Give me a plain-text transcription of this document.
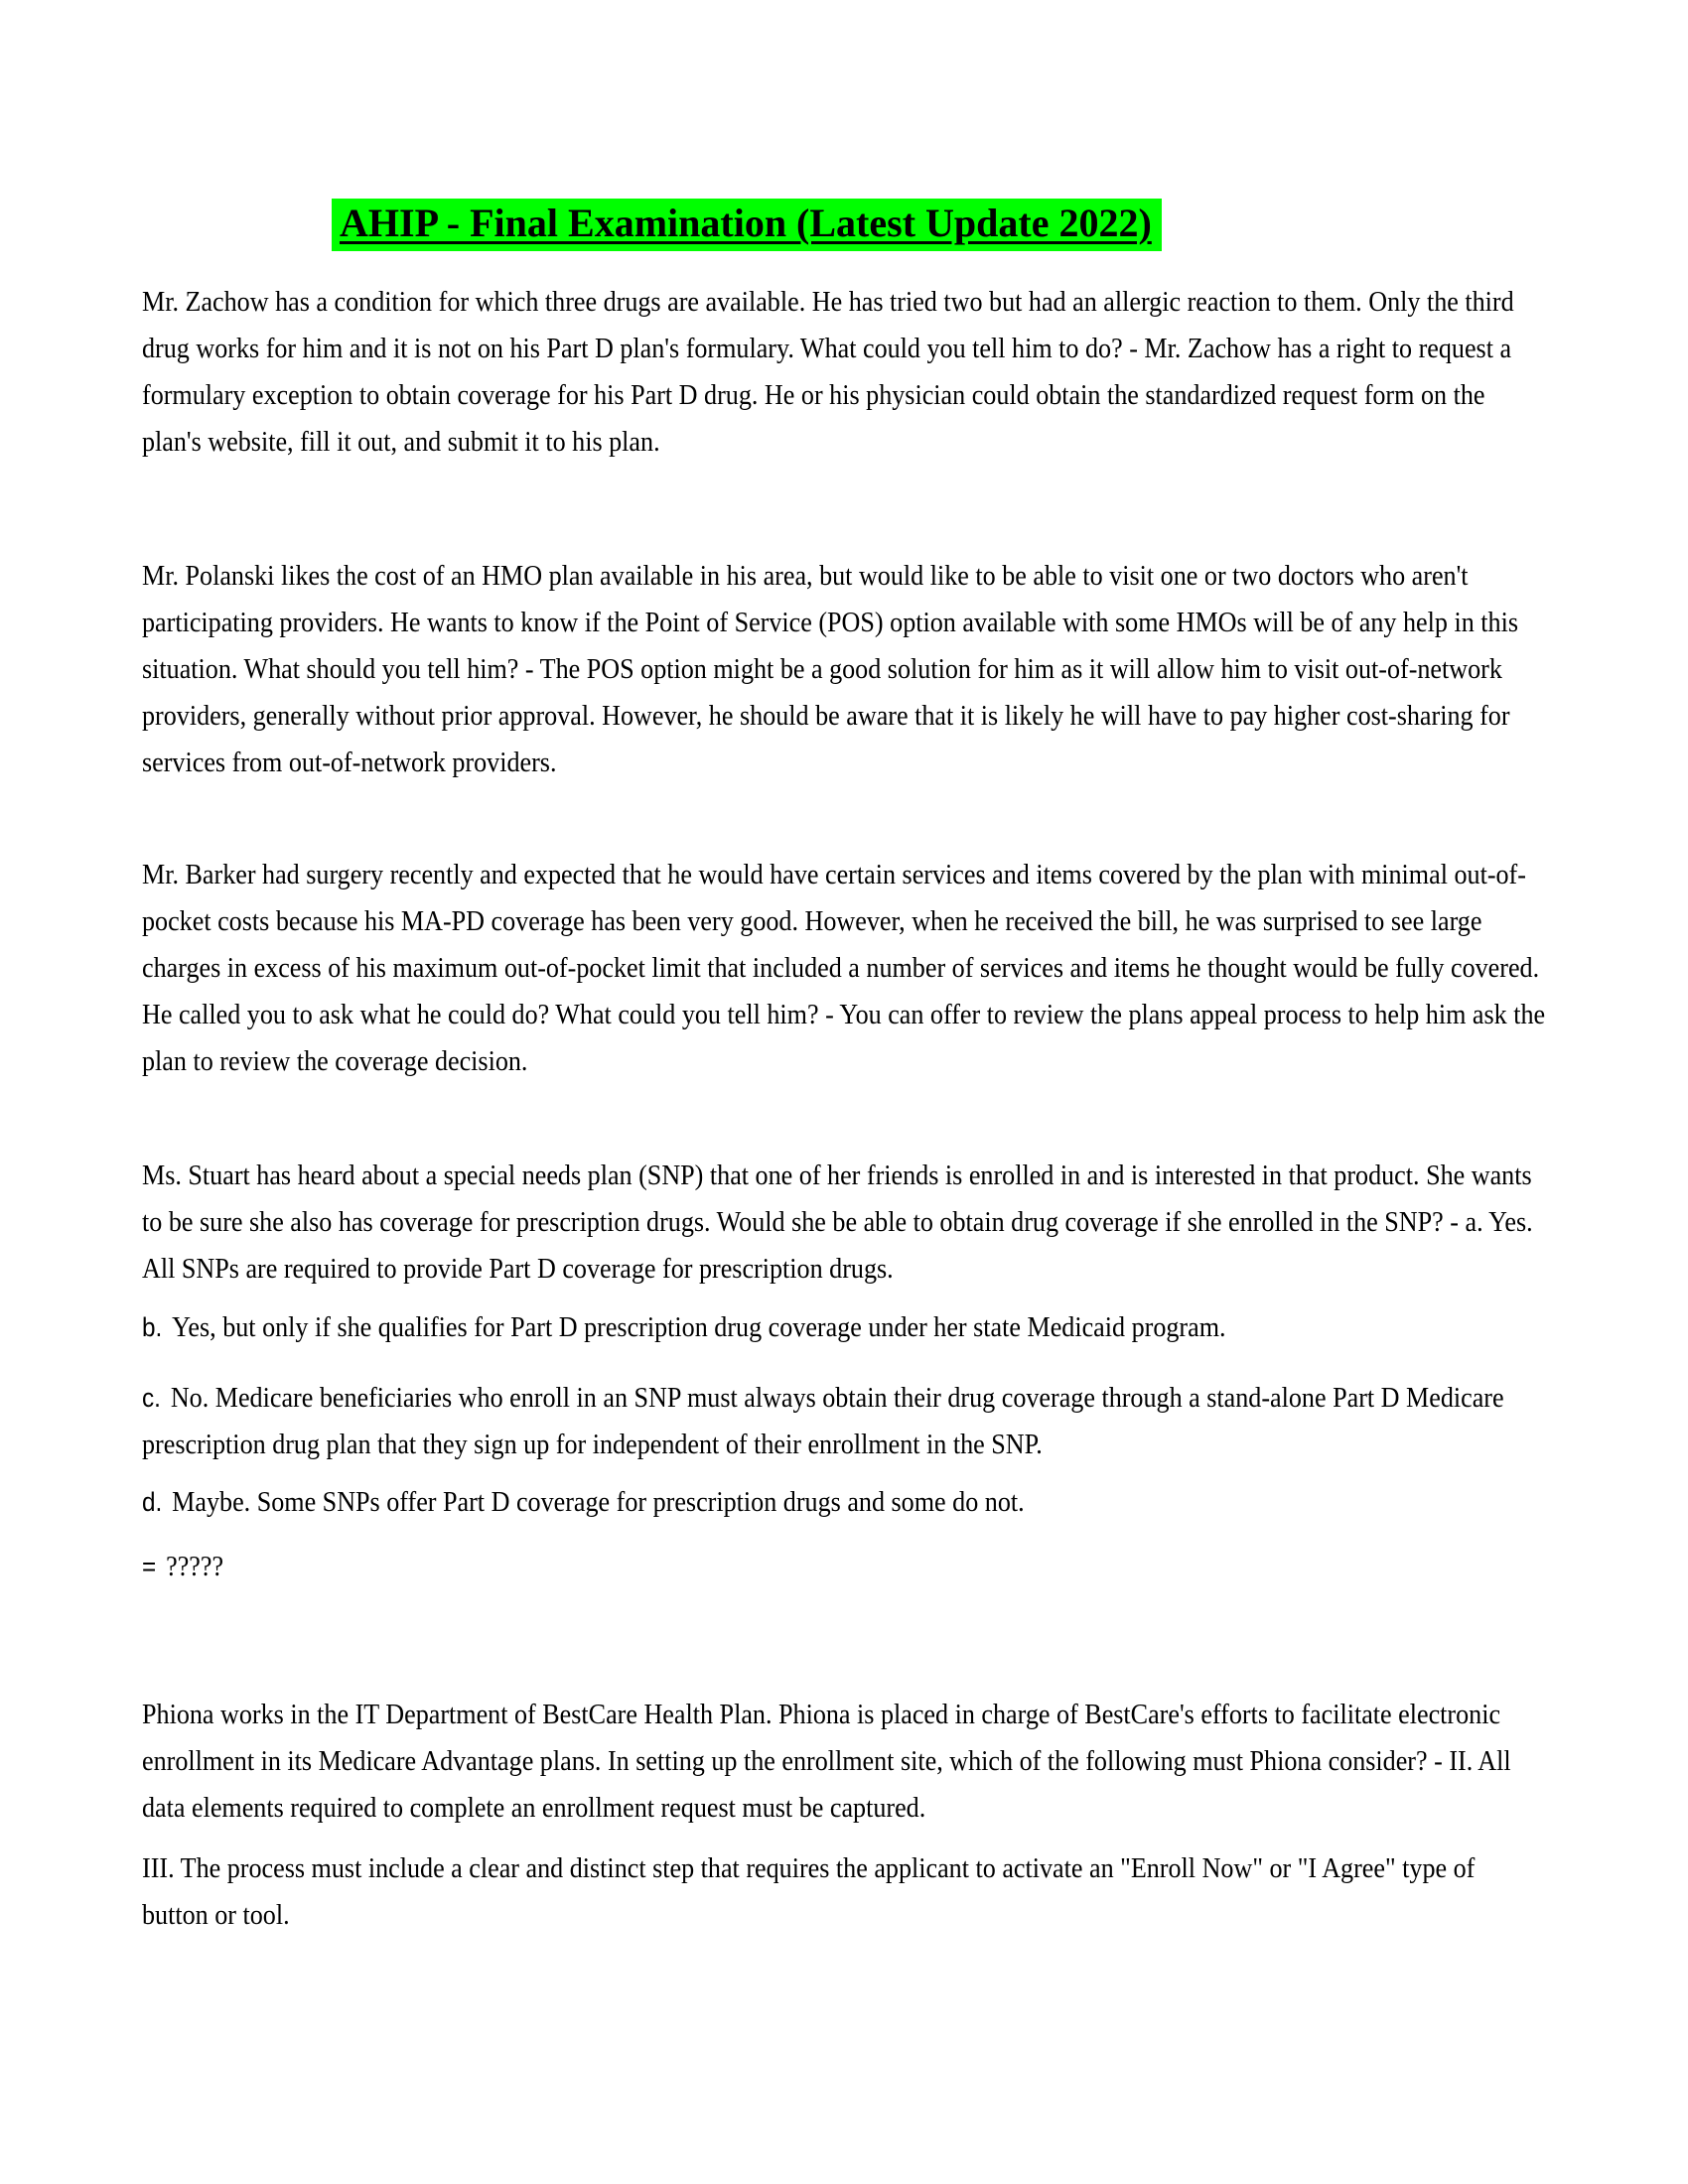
AHIP - Final Examination (Latest Update 2022)

Mr. Zachow has a condition for which three drugs are available. He has tried two but had an allergic reaction to them. Only the third drug works for him and it is not on his Part D plan's formulary. What could you tell him to do? - Mr. Zachow has a right to request a formulary exception to obtain coverage for his Part D drug. He or his physician could obtain the standardized request form on the plan's website, fill it out, and submit it to his plan.

Mr. Polanski likes the cost of an HMO plan available in his area, but would like to be able to visit one or two doctors who aren't participating providers. He wants to know if the Point of Service (POS) option available with some HMOs will be of any help in this situation. What should you tell him? - The POS option might be a good solution for him as it will allow him to visit out-of-network providers, generally without prior approval. However, he should be aware that it is likely he will have to pay higher cost-sharing for services from out-of-network providers.

Mr. Barker had surgery recently and expected that he would have certain services and items covered by the plan with minimal out-of-pocket costs because his MA-PD coverage has been very good. However, when he received the bill, he was surprised to see large charges in excess of his maximum out-of-pocket limit that included a number of services and items he thought would be fully covered. He called you to ask what he could do? What could you tell him? - You can offer to review the plans appeal process to help him ask the plan to review the coverage decision.

Ms. Stuart has heard about a special needs plan (SNP) that one of her friends is enrolled in and is interested in that product. She wants to be sure she also has coverage for prescription drugs. Would she be able to obtain drug coverage if she enrolled in the SNP? - a. Yes. All SNPs are required to provide Part D coverage for prescription drugs.

b. Yes, but only if she qualifies for Part D prescription drug coverage under her state Medicaid program.

c. No. Medicare beneficiaries who enroll in an SNP must always obtain their drug coverage through a stand-alone Part D Medicare prescription drug plan that they sign up for independent of their enrollment in the SNP.

d. Maybe. Some SNPs offer Part D coverage for prescription drugs and some do not.

= ?????

Phiona works in the IT Department of BestCare Health Plan. Phiona is placed in charge of BestCare's efforts to facilitate electronic enrollment in its Medicare Advantage plans. In setting up the enrollment site, which of the following must Phiona consider? - II. All data elements required to complete an enrollment request must be captured.

III. The process must include a clear and distinct step that requires the applicant to activate an "Enroll Now" or "I Agree" type of button or tool.
